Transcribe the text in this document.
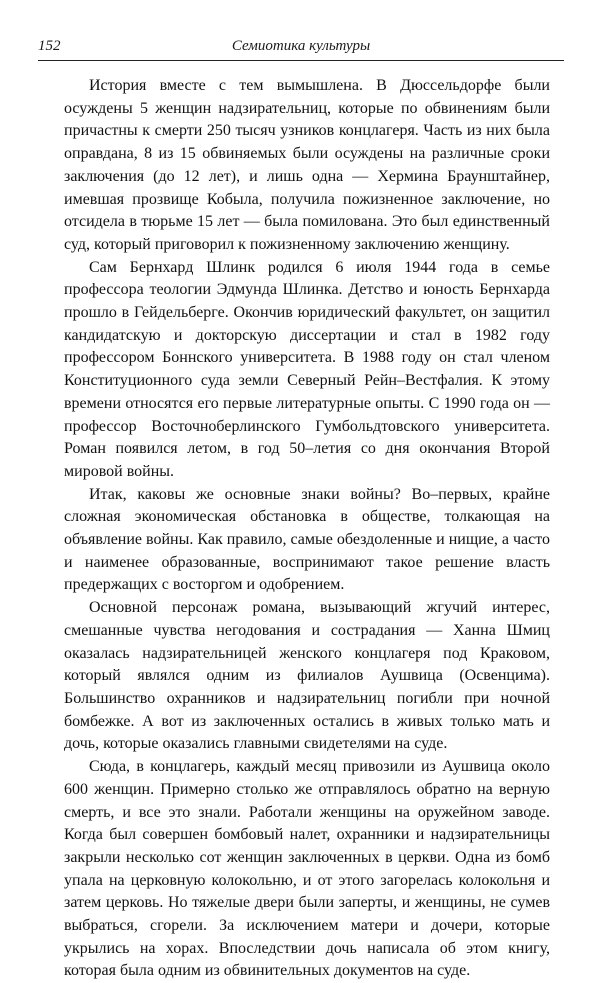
152	Семиотика культуры

История вместе с тем вымышлена. В Дюссельдорфе были осуждены 5 женщин надзирательниц, которые по обвинениям были причастны к смерти 250 тысяч узников концлагеря. Часть из них была оправдана, 8 из 15 обвиняемых были осуждены на различные сроки заключения (до 12 лет), и лишь одна — Хермина Браунштайнер, имевшая прозвище Кобыла, получила пожизненное заключение, но отсидела в тюрьме 15 лет — была помилована. Это был единственный суд, который приговорил к пожизненному заключению женщину.

Сам Бернхард Шлинк родился 6 июля 1944 года в семье профессора теологии Эдмунда Шлинка. Детство и юность Бернхарда прошло в Гейдельберге. Окончив юридический факультет, он защитил кандидатскую и докторскую диссертации и стал в 1982 году профессором Боннского университета. В 1988 году он стал членом Конституционного суда земли Северный Рейн–Вестфалия. К этому времени относятся его первые литературные опыты. С 1990 года он — профессор Восточноберлинского Гумбольдтовского университета. Роман появился летом, в год 50–летия со дня окончания Второй мировой войны.

Итак, каковы же основные знаки войны? Во–первых, крайне сложная экономическая обстановка в обществе, толкающая на объявление войны. Как правило, самые обездоленные и нищие, а часто и наименее образованные, воспринимают такое решение власть предержащих с восторгом и одобрением.

Основной персонаж романа, вызывающий жгучий интерес, смешанные чувства негодования и сострадания — Ханна Шмиц оказалась надзирательницей женского концлагеря под Краковом, который являлся одним из филиалов Аушвица (Освенцима). Большинство охранников и надзирательниц погибли при ночной бомбежке. А вот из заключенных остались в живых только мать и дочь, которые оказались главными свидетелями на суде.

Сюда, в концлагерь, каждый месяц привозили из Аушвица около 600 женщин. Примерно столько же отправлялось обратно на верную смерть, и все это знали. Работали женщины на оружейном заводе. Когда был совершен бомбовый налет, охранники и надзирательницы закрыли несколько сот женщин заключенных в церкви. Одна из бомб упала на церковную колокольню, и от этого загорелась колокольня и затем церковь. Но тяжелые двери были заперты, и женщины, не сумев выбраться, сгорели. За исключением матери и дочери, которые укрылись на хорах. Впоследствии дочь написала об этом книгу, которая была одним из обвинительных документов на суде.
